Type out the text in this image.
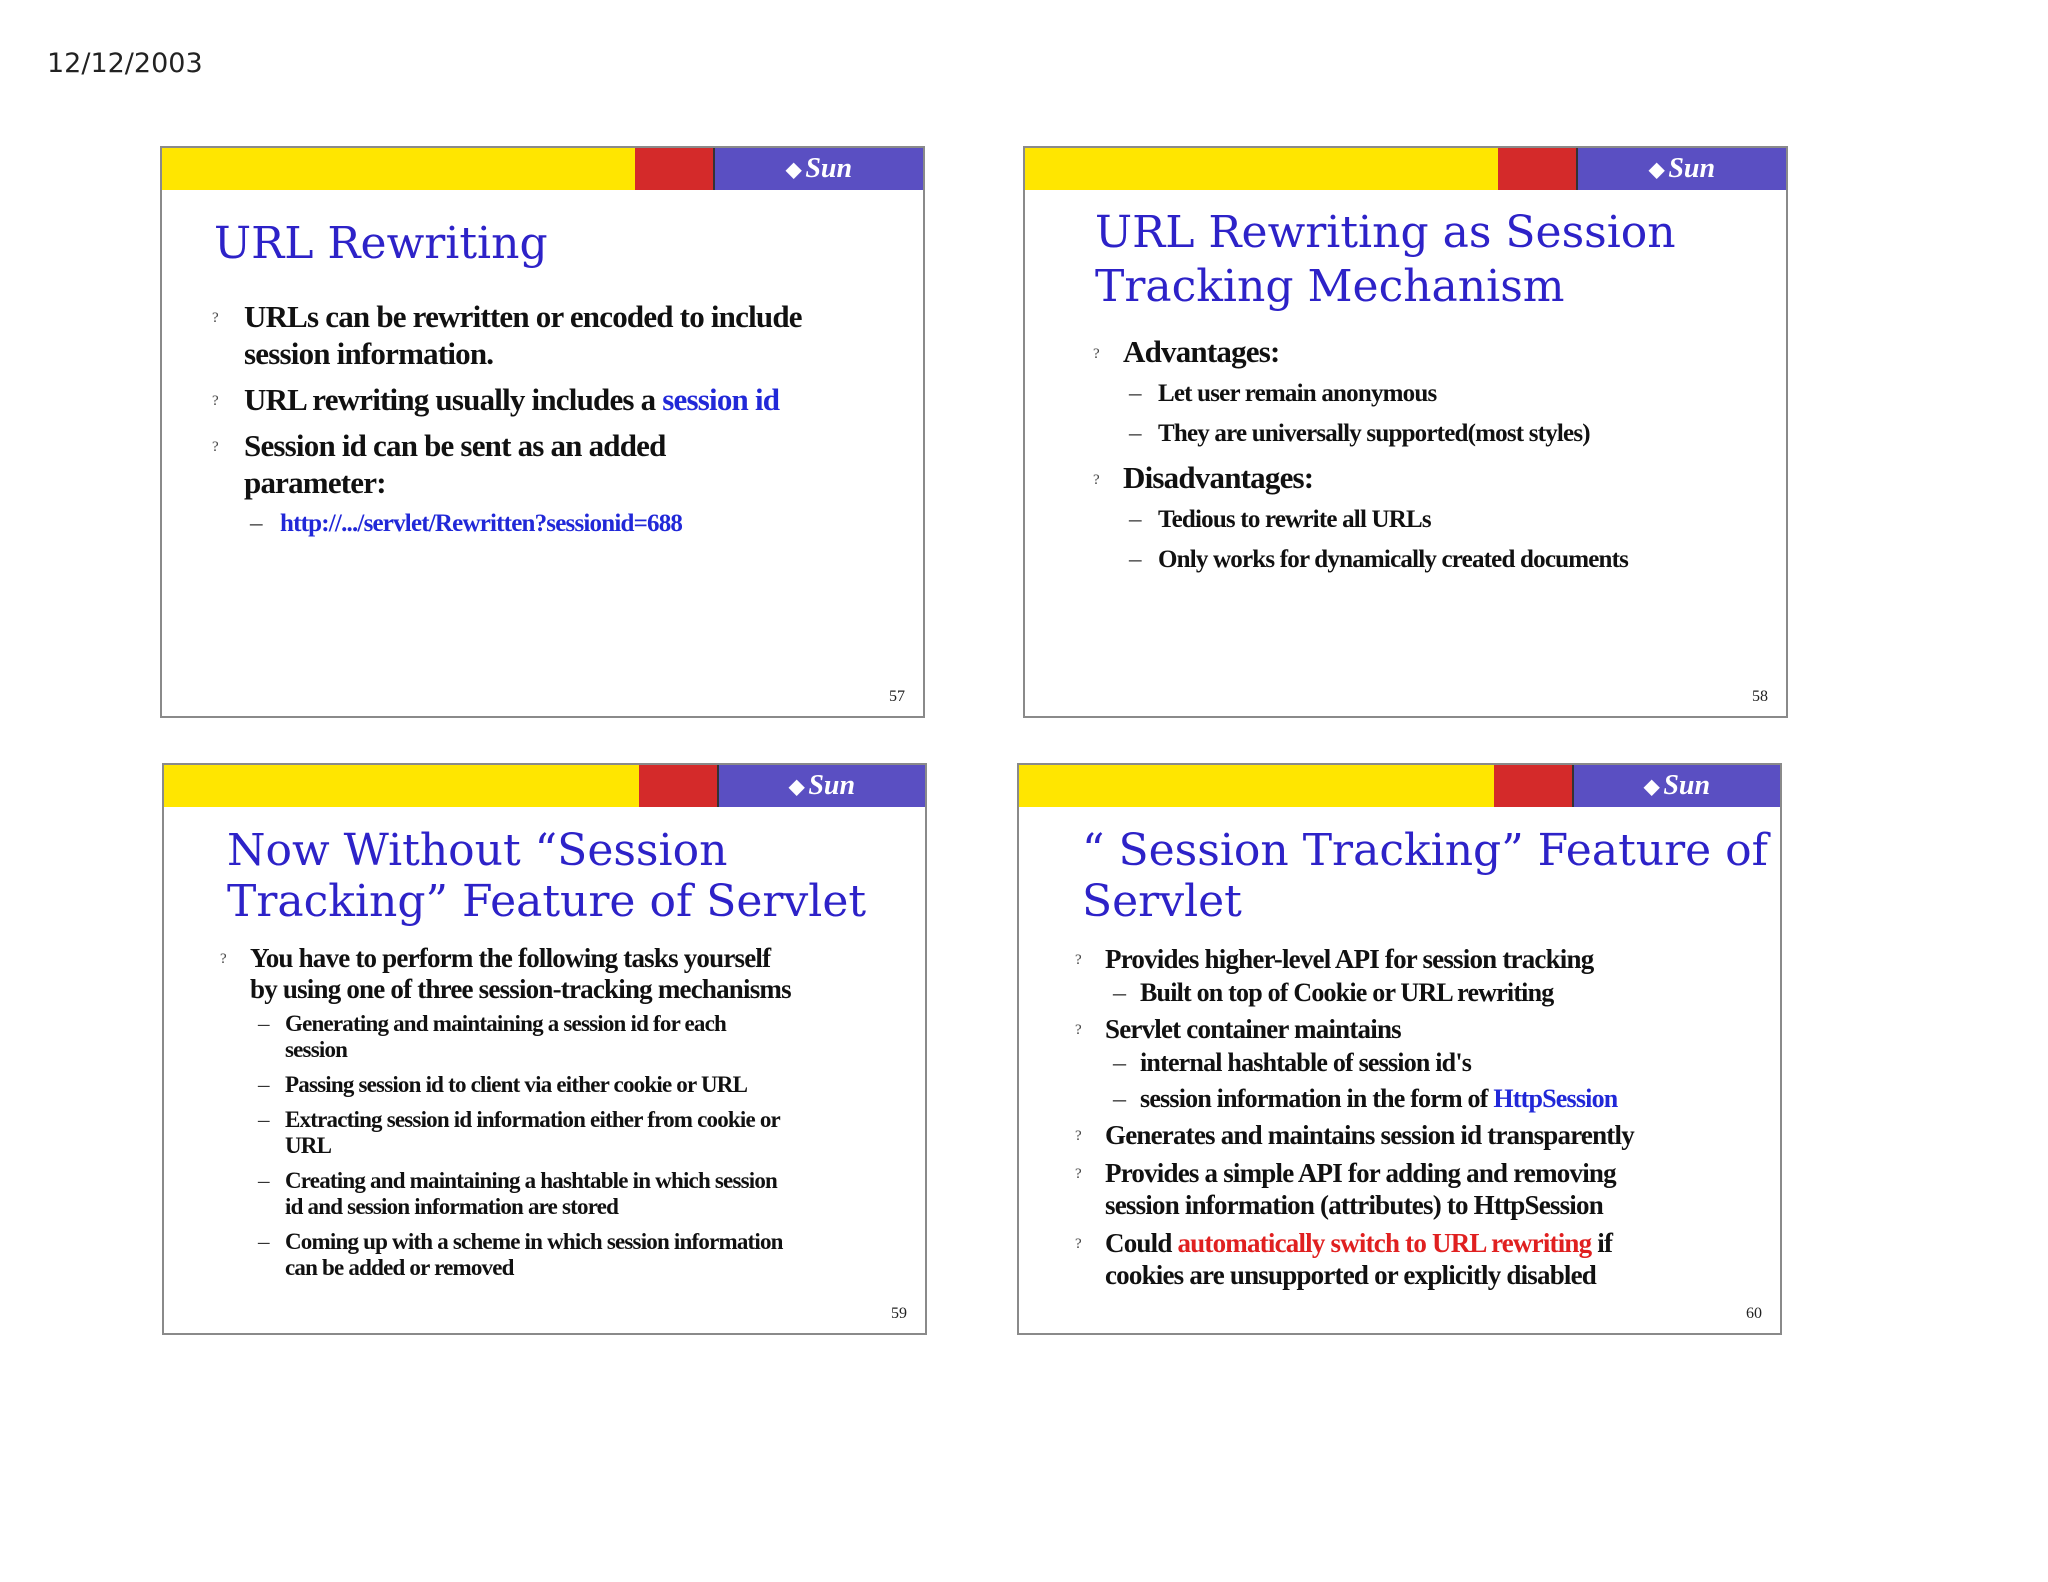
12/12/2003
◆ Sun
URL Rewriting
? URLs can be rewritten or encoded to include
session information.
? URL rewriting usually includes a session id
? Session id can be sent as an added
parameter:
– http://.../servlet/Rewritten?sessionid=688
57
◆ Sun
URL Rewriting as Session
Tracking Mechanism
? Advantages:
– Let user remain anonymous
– They are universally supported(most styles)
? Disadvantages:
– Tedious to rewrite all URLs
– Only works for dynamically created documents
58
◆ Sun
Now Without “Session
Tracking” Feature of Servlet
? You have to perform the following tasks yourself
by using one of three session-tracking mechanisms
– Generating and maintaining a session id for each
session
– Passing session id to client via either cookie or URL
– Extracting session id information either from cookie or
URL
– Creating and maintaining a hashtable in which session
id and session information are stored
– Coming up with a scheme in which session information
can be added or removed
59
◆ Sun
“ Session Tracking” Feature of
Servlet
? Provides higher-level API for session tracking
– Built on top of Cookie or URL rewriting
? Servlet container maintains
– internal hashtable of session id's
– session information in the form of HttpSession
? Generates and maintains session id transparently
? Provides a simple API for adding and removing
session information (attributes) to HttpSession
? Could automatically switch to URL rewriting if
cookies are unsupported or explicitly disabled
60
